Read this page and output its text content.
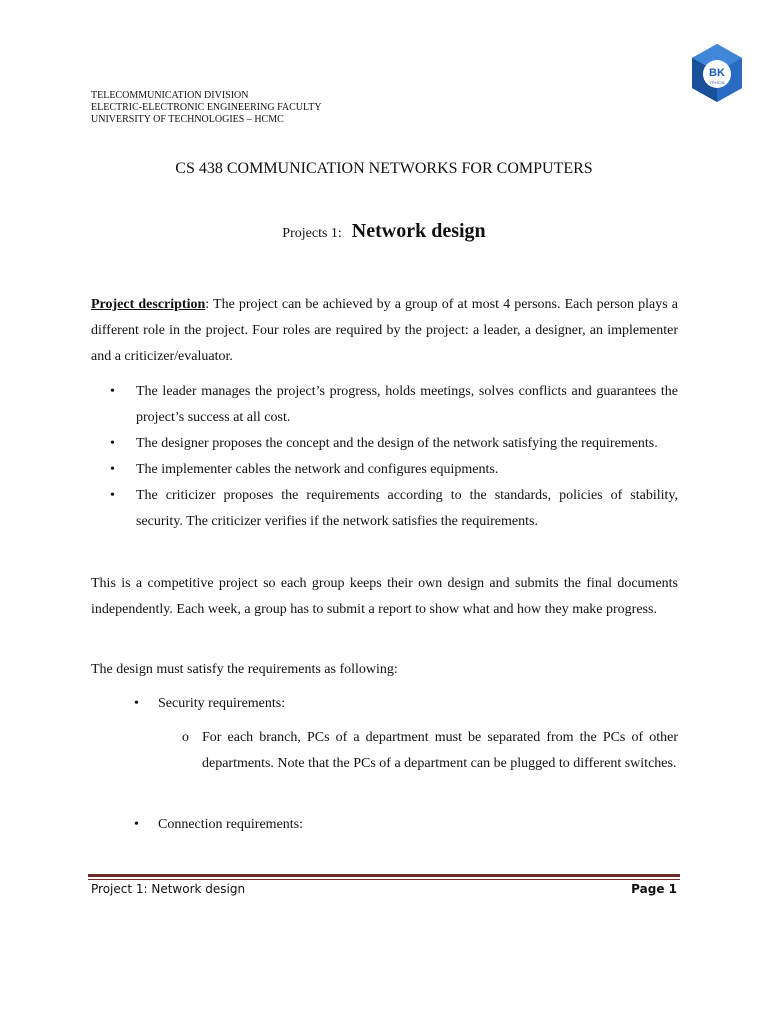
TELECOMMUNICATION DIVISION
ELECTRIC-ELECTRONIC ENGINEERING FACULTY
UNIVERSITY OF TECHNOLOGIES – HCMC
BK
TP.HCM
CS 438 COMMUNICATION NETWORKS FOR COMPUTERS
Projects 1: Network design
Project description: The project can be achieved by a group of at most 4 persons. Each person plays a different role in the project. Four roles are required by the project: a leader, a designer, an implementer and a criticizer/evaluator.
• The leader manages the project’s progress, holds meetings, solves conflicts and guarantees the project’s success at all cost.
• The designer proposes the concept and the design of the network satisfying the requirements.
• The implementer cables the network and configures equipments.
• The criticizer proposes the requirements according to the standards, policies of stability, security. The criticizer verifies if the network satisfies the requirements.
This is a competitive project so each group keeps their own design and submits the final documents independently. Each week, a group has to submit a report to show what and how they make progress.
The design must satisfy the requirements as following:
• Security requirements:
o For each branch, PCs of a department must be separated from the PCs of other departments. Note that the PCs of a department can be plugged to different switches.
• Connection requirements:
Project 1: Network design	Page 1
